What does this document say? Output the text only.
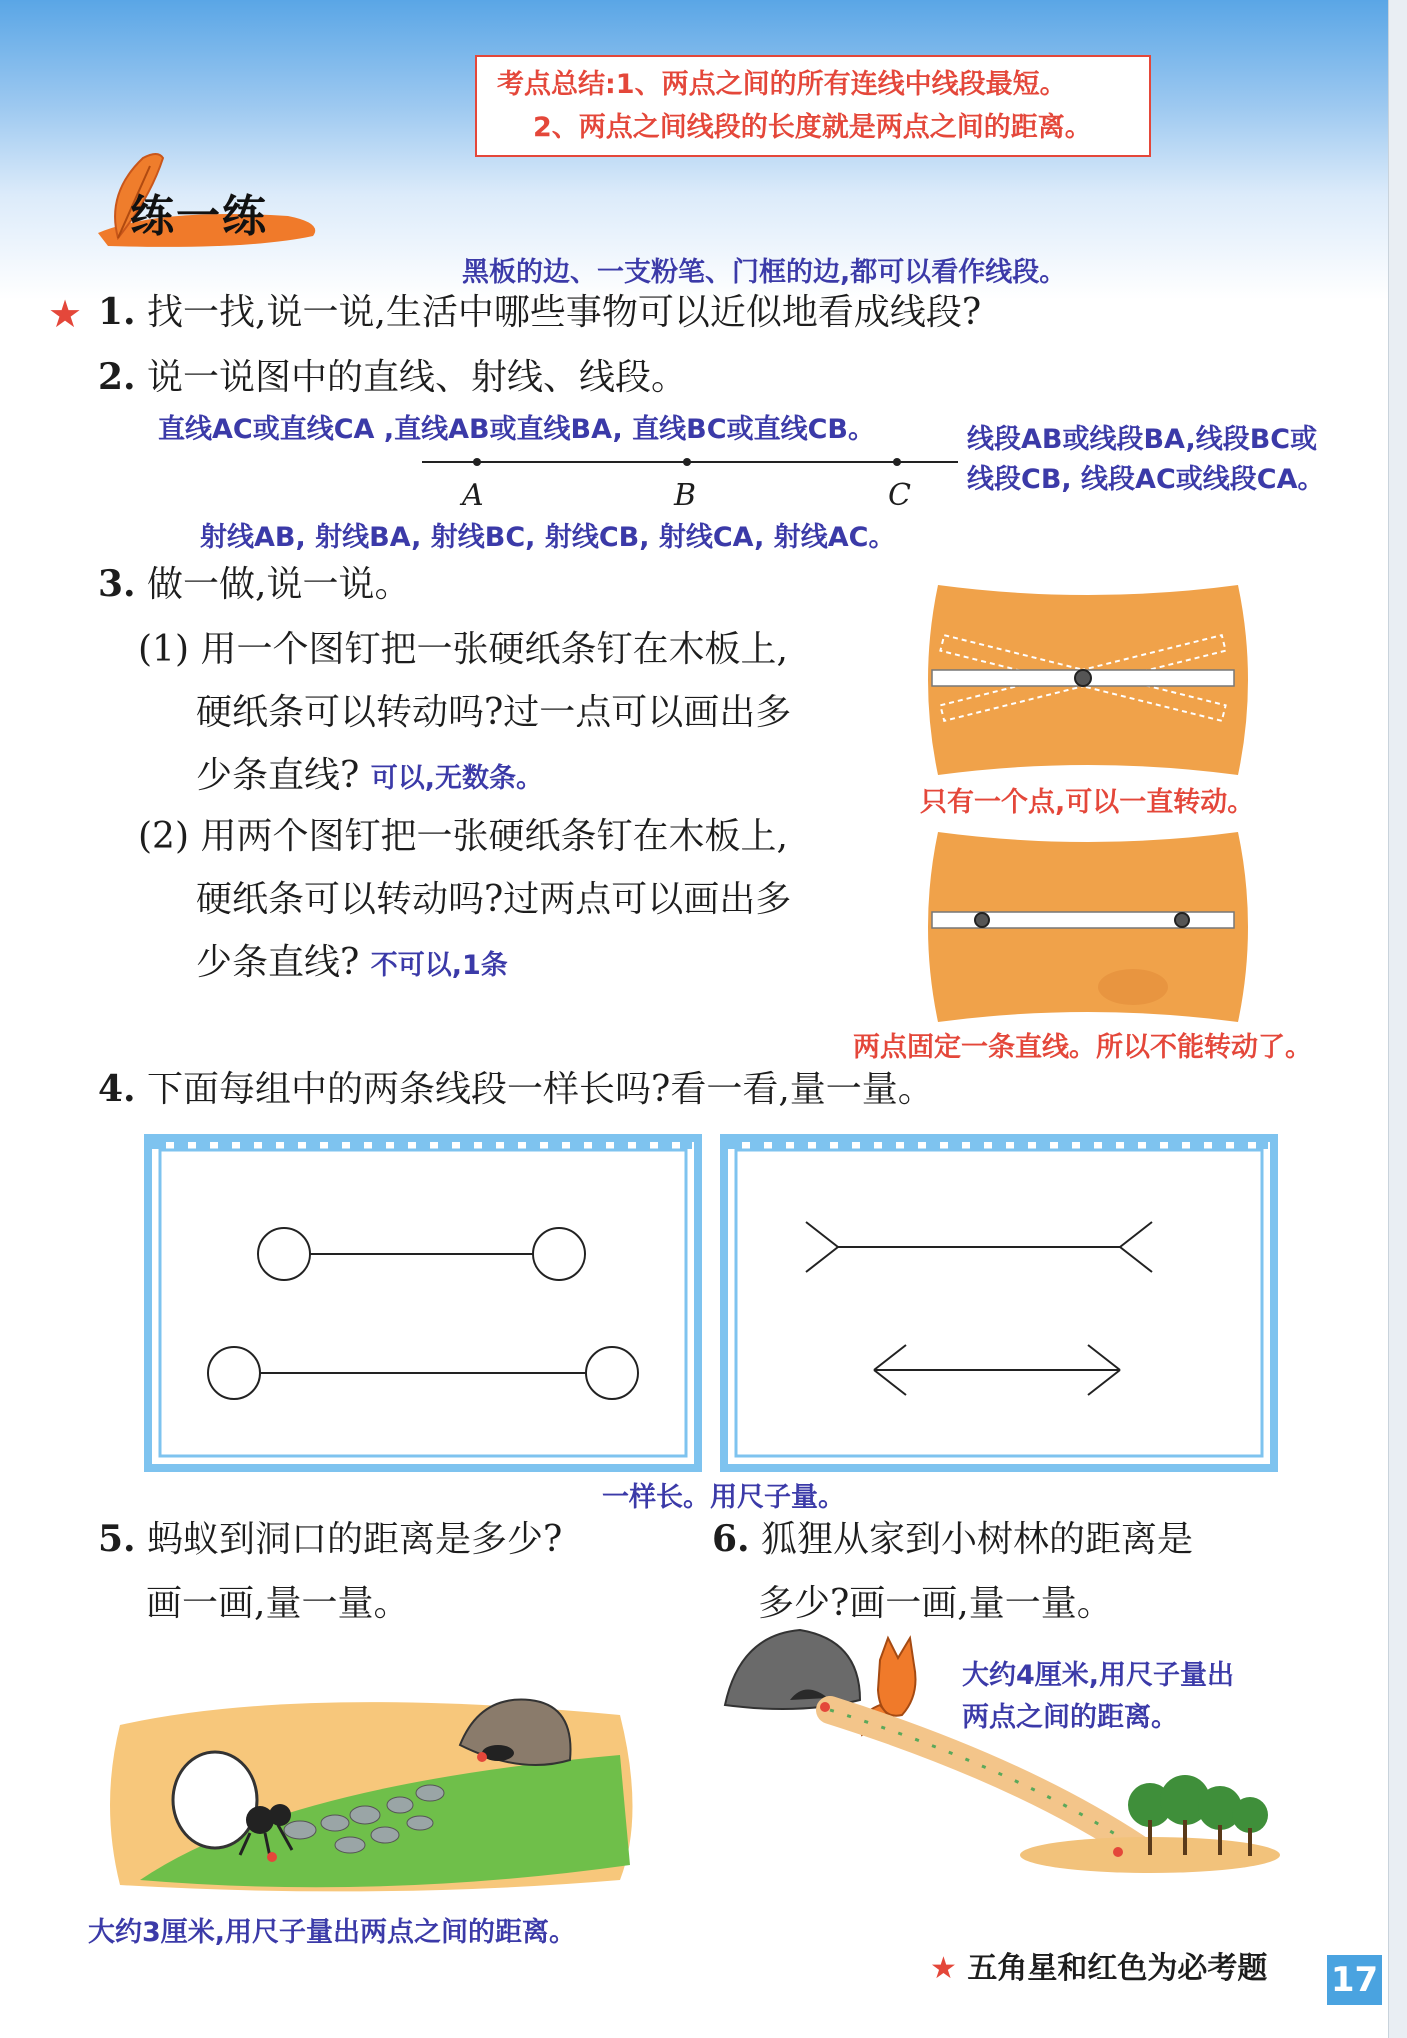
考点总结:1、两点之间的所有连线中线段最短。
2、两点之间线段的长度就是两点之间的距离。
练一练
黑板的边、一支粉笔、门框的边,都可以看作线段。
★ 1. 找一找,说一说,生活中哪些事物可以近似地看成线段?
2. 说一说图中的直线、射线、线段。
直线AC或直线CA ,直线AB或直线BA, 直线BC或直线CB。
A	B	C
线段AB或线段BA,线段BC或
线段CB, 线段AC或线段CA。
射线AB, 射线BA, 射线BC, 射线CB, 射线CA, 射线AC。
3. 做一做,说一说。
(1) 用一个图钉把一张硬纸条钉在木板上,
硬纸条可以转动吗?过一点可以画出多
少条直线? 可以,无数条。
(2) 用两个图钉把一张硬纸条钉在木板上,
硬纸条可以转动吗?过两点可以画出多
少条直线? 不可以,1条
只有一个点,可以一直转动。
两点固定一条直线。所以不能转动了。
4. 下面每组中的两条线段一样长吗?看一看,量一量。
一样长。用尺子量。
5. 蚂蚁到洞口的距离是多少?
画一画,量一量。
大约3厘米,用尺子量出两点之间的距离。
6. 狐狸从家到小树林的距离是
多少?画一画,量一量。
大约4厘米,用尺子量出
两点之间的距离。
★ 五角星和红色为必考题 17
